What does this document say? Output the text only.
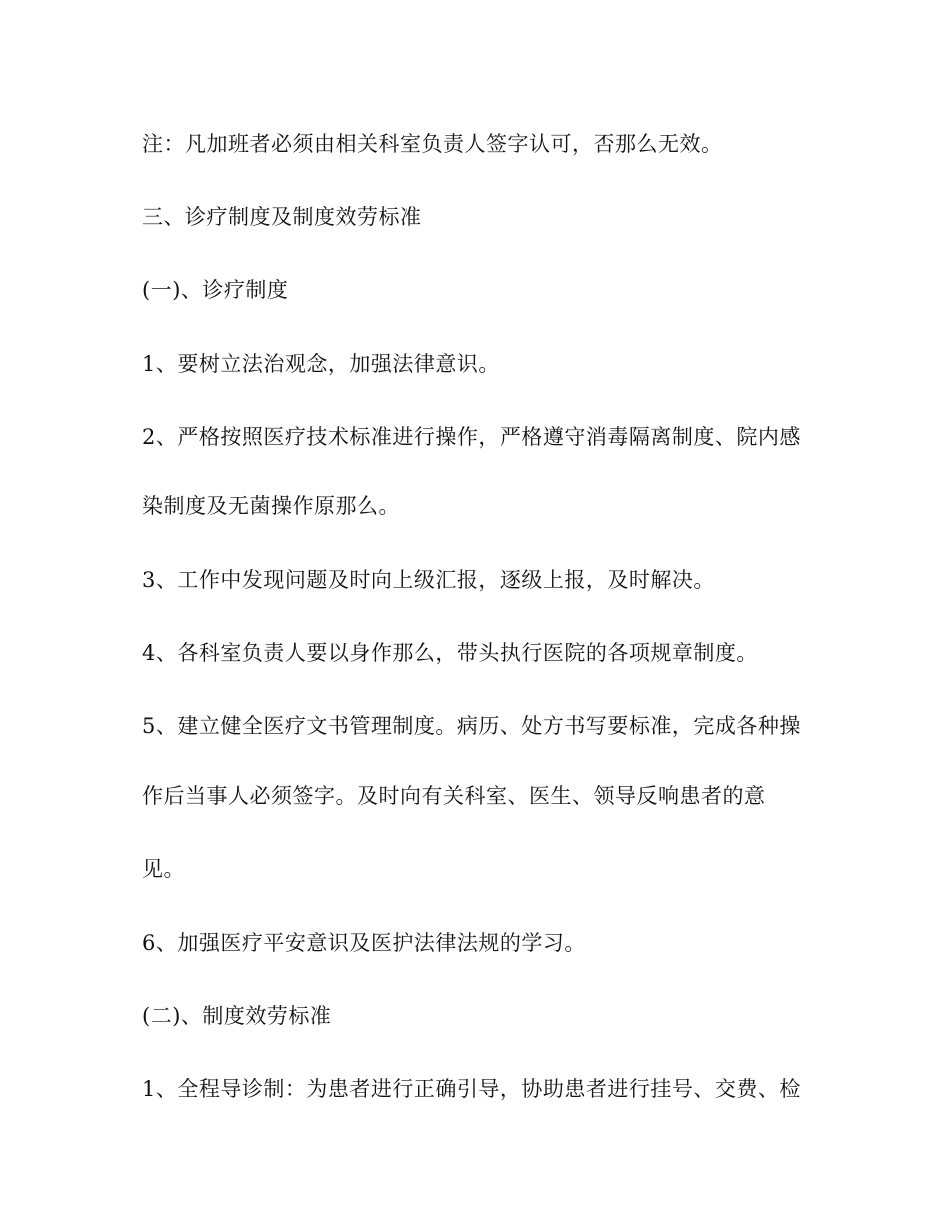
注：凡加班者必须由相关科室负责人签字认可，否那么无效。
三、诊疗制度及制度效劳标准
(一)、诊疗制度
1、要树立法治观念，加强法律意识。
2、严格按照医疗技术标准进行操作，严格遵守消毒隔离制度、院内感
染制度及无菌操作原那么。
3、工作中发现问题及时向上级汇报，逐级上报，及时解决。
4、各科室负责人要以身作那么，带头执行医院的各项规章制度。
5、建立健全医疗文书管理制度。病历、处方书写要标准，完成各种操
作后当事人必须签字。及时向有关科室、医生、领导反响患者的意
见。
6、加强医疗平安意识及医护法律法规的学习。
(二)、制度效劳标准
1、全程导诊制：为患者进行正确引导，协助患者进行挂号、交费、检
